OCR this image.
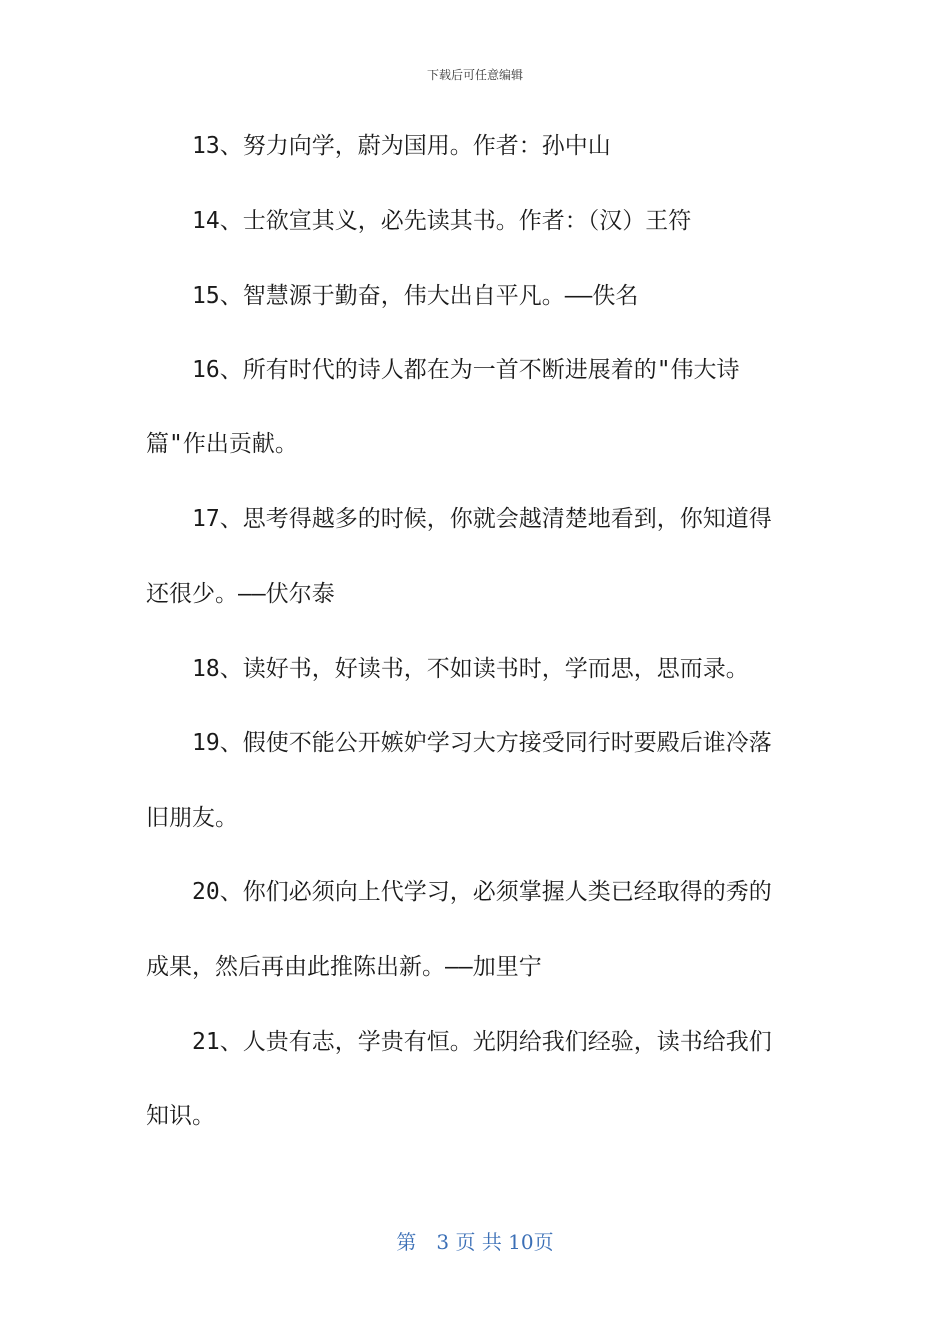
下载后可任意编辑
13、努力向学，蔚为国用。作者：孙中山
14、士欲宣其义，必先读其书。作者：（汉）王符
15、智慧源于勤奋，伟大出自平凡。——佚名
16、所有时代的诗人都在为一首不断进展着的"伟大诗
篇"作出贡献。
17、思考得越多的时候，你就会越清楚地看到，你知道得
还很少。——伏尔泰
18、读好书，好读书，不如读书时，学而思，思而录。
19、假使不能公开嫉妒学习大方接受同行时要殿后谁冷落
旧朋友。
20、你们必须向上代学习，必须掌握人类已经取得的秀的
成果，然后再由此推陈出新。——加里宁
21、人贵有志，学贵有恒。光阴给我们经验，读书给我们
知识。
第　3 页 共 10页
